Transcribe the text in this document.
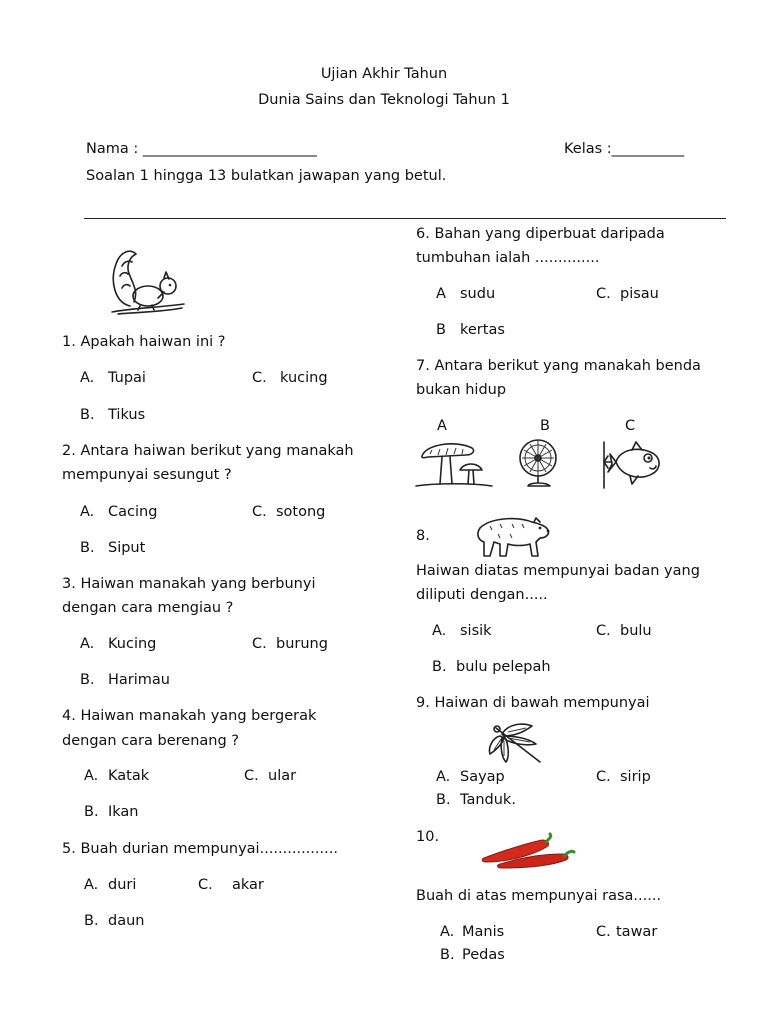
Ujian Akhir Tahun
Dunia Sains dan Teknologi Tahun 1
Nama : ________________________	Kelas :__________
Soalan 1 hingga 13 bulatkan jawapan yang betul.
1. Apakah haiwan ini ?
A. Tupai	C. kucing
B. Tikus
2. Antara haiwan berikut yang manakah
mempunyai sesungut ?
A. Cacing	C. sotong
B. Siput
3. Haiwan manakah yang berbunyi
dengan cara mengiau ?
A. Kucing	C. burung
B. Harimau
4. Haiwan manakah yang bergerak
dengan cara berenang ?
A. Katak	C. ular
B. Ikan
5. Buah durian mempunyai.................
A. duri	C. akar
B. daun
6. Bahan yang diperbuat daripada
tumbuhan ialah ..............
A sudu	C. pisau
B kertas
7. Antara berikut yang manakah benda
bukan hidup
A	B	C
8.
Haiwan diatas mempunyai badan yang
diliputi dengan.....
A. sisik	C. bulu
B. bulu pelepah
9. Haiwan di bawah mempunyai
A. Sayap	C. sirip
B. Tanduk.
10.
Buah di atas mempunyai rasa......
A. Manis	C. tawar
B. Pedas
